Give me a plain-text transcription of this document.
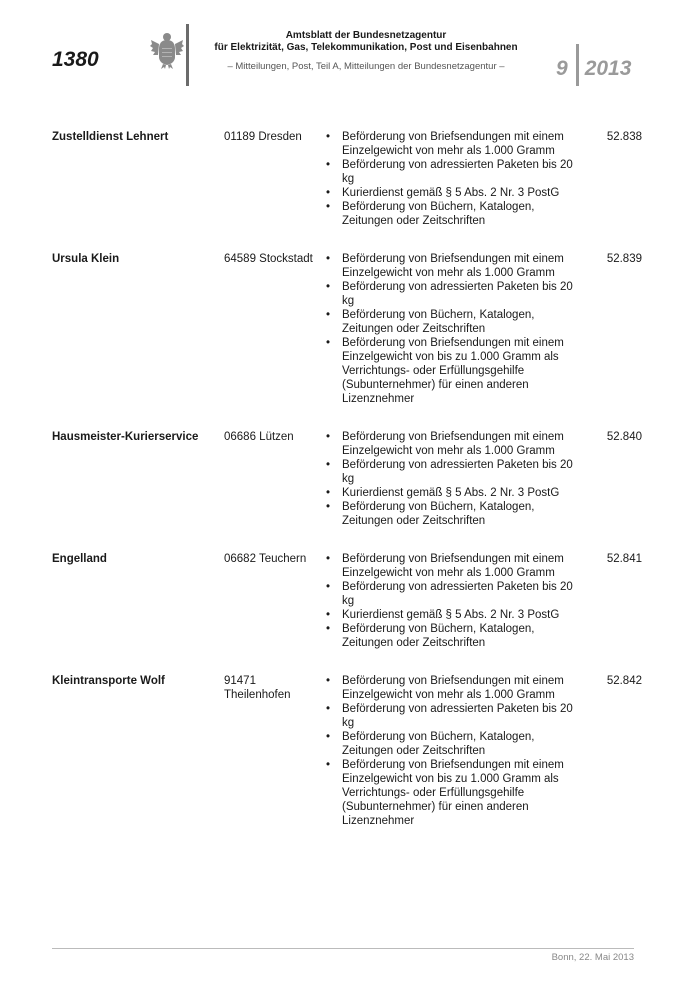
1380
Amtsblatt der Bundesnetzagentur
für Elektrizität, Gas, Telekommunikation, Post und Eisenbahnen
– Mitteilungen, Post, Teil A, Mitteilungen der Bundesnetzagentur –	9 2013
Zustelldienst Lehnert	01189 Dresden	• Beförderung von Briefsendungen mit einem Einzelgewicht von mehr als 1.000 Gramm
• Beförderung von adressierten Paketen bis 20 kg
• Kurierdienst gemäß § 5 Abs. 2 Nr. 3 PostG
• Beförderung von Büchern, Katalogen, Zeitungen oder Zeitschriften
52.838
Ursula Klein	64589 Stockstadt	• Beförderung von Briefsendungen mit einem Einzelgewicht von mehr als 1.000 Gramm
• Beförderung von adressierten Paketen bis 20 kg
• Beförderung von Büchern, Katalogen, Zeitungen oder Zeitschriften
• Beförderung von Briefsendungen mit einem Einzelgewicht von bis zu 1.000 Gramm als Verrichtungs- oder Erfüllungsgehilfe (Subunternehmer) für einen anderen Lizenznehmer
52.839
Hausmeister-Kurierservice	06686 Lützen	• Beförderung von Briefsendungen mit einem Einzelgewicht von mehr als 1.000 Gramm
• Beförderung von adressierten Paketen bis 20 kg
• Kurierdienst gemäß § 5 Abs. 2 Nr. 3 PostG
• Beförderung von Büchern, Katalogen, Zeitungen oder Zeitschriften
52.840
Engelland	06682 Teuchern	• Beförderung von Briefsendungen mit einem Einzelgewicht von mehr als 1.000 Gramm
• Beförderung von adressierten Paketen bis 20 kg
• Kurierdienst gemäß § 5 Abs. 2 Nr. 3 PostG
• Beförderung von Büchern, Katalogen, Zeitungen oder Zeitschriften
52.841
Kleintransporte Wolf	91471 Theilenhofen
• Beförderung von Briefsendungen mit einem Einzelgewicht von mehr als 1.000 Gramm
• Beförderung von adressierten Paketen bis 20 kg
• Beförderung von Büchern, Katalogen, Zeitungen oder Zeitschriften
• Beförderung von Briefsendungen mit einem Einzelgewicht von bis zu 1.000 Gramm als Verrichtungs- oder Erfüllungsgehilfe (Subunternehmer) für einen anderen Lizenznehmer
52.842
Bonn, 22. Mai 2013
